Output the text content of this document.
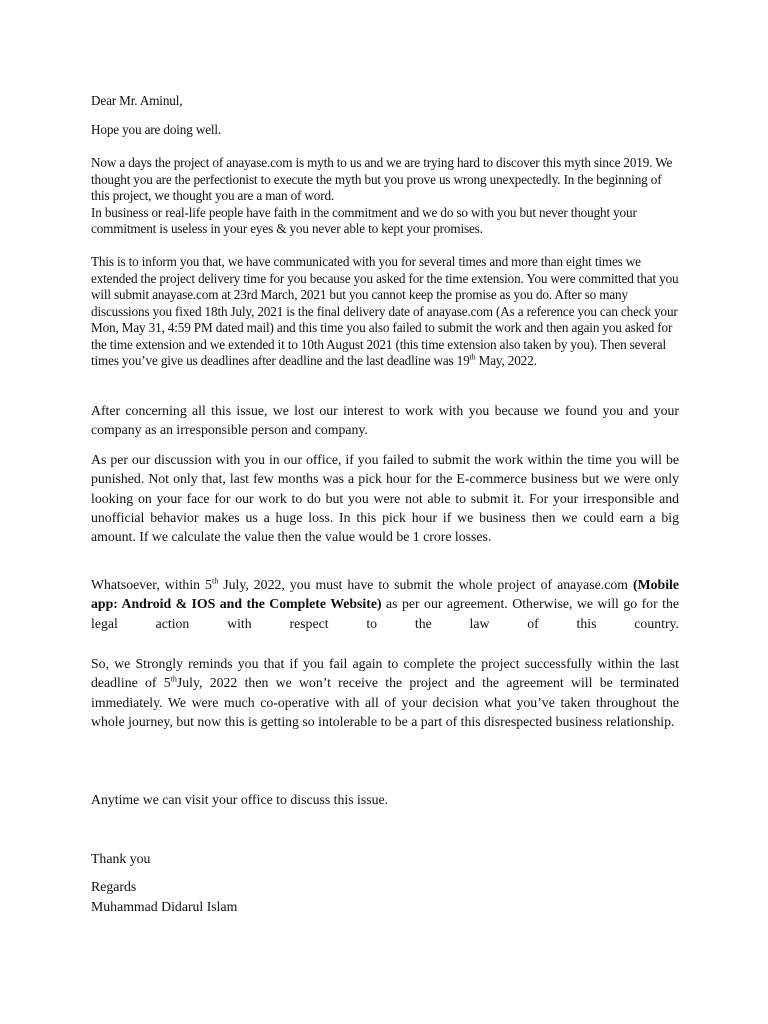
Dear Mr. Aminul,

Hope you are doing well.

Now a days the project of anayase.com is myth to us and we are trying hard to discover this myth since 2019. We thought you are the perfectionist to execute the myth but you prove us wrong unexpectedly. In the beginning of this project, we thought you are a man of word.
In business or real-life people have faith in the commitment and we do so with you but never thought your commitment is useless in your eyes & you never able to kept your promises.

This is to inform you that, we have communicated with you for several times and more than eight times we extended the project delivery time for you because you asked for the time extension. You were committed that you will submit anayase.com at 23rd March, 2021 but you cannot keep the promise as you do. After so many discussions you fixed 18th July, 2021 is the final delivery date of anayase.com (As a reference you can check your Mon, May 31, 4:59 PM dated mail) and this time you also failed to submit the work and then again you asked for the time extension and we extended it to 10th August 2021 (this time extension also taken by you). Then several times you’ve give us deadlines after deadline and the last deadline was 19th May, 2022.

After concerning all this issue, we lost our interest to work with you because we found you and your company as an irresponsible person and company.

As per our discussion with you in our office, if you failed to submit the work within the time you will be punished. Not only that, last few months was a pick hour for the E-commerce business but we were only looking on your face for our work to do but you were not able to submit it. For your irresponsible and unofficial behavior makes us a huge loss. In this pick hour if we business then we could earn a big amount. If we calculate the value then the value would be 1 crore losses.

Whatsoever, within 5th July, 2022, you must have to submit the whole project of anayase.com (Mobile app: Android & IOS and the Complete Website) as per our agreement. Otherwise, we will go for the legal action with respect to the law of this country.

So, we Strongly reminds you that if you fail again to complete the project successfully within the last deadline of 5thJuly, 2022 then we won’t receive the project and the agreement will be terminated immediately. We were much co-operative with all of your decision what you’ve taken throughout the whole journey, but now this is getting so intolerable to be a part of this disrespected business relationship.

Anytime we can visit your office to discuss this issue.

Thank you

Regards

Muhammad Didarul Islam
